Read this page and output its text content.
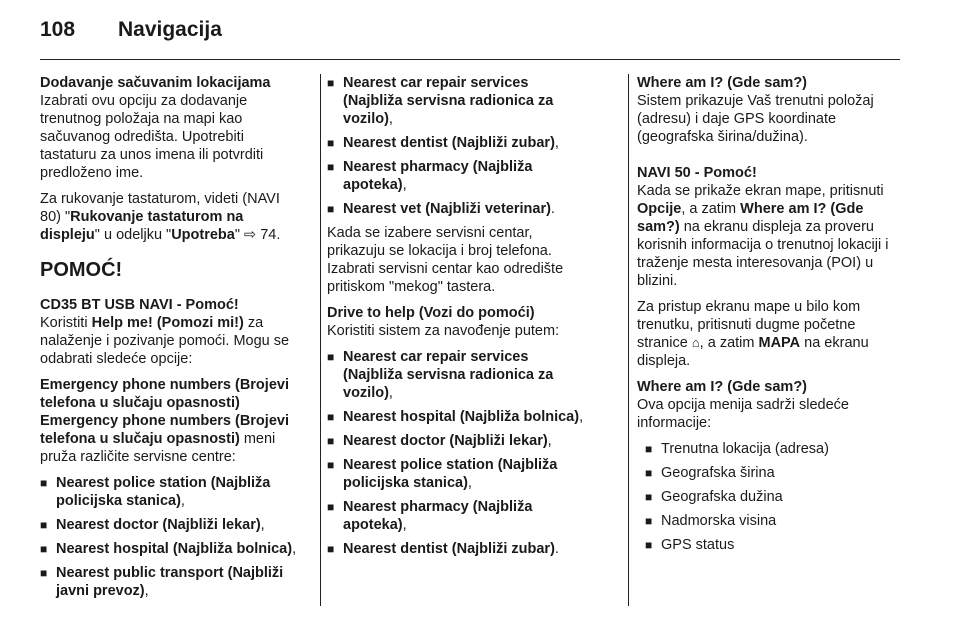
108 Navigacija

Dodavanje sačuvanim lokacijama

Izabrati ovu opciju za dodavanje trenutnog položaja na mapi kao sačuvanog odredišta. Upotrebiti tastaturu za unos imena ili potvrditi predloženo ime.

Za rukovanje tastaturom, videti (NAVI 80) "Rukovanje tastaturom na displeju" u odeljku "Upotreba" ⇨ 74.

POMOĆ!

CD35 BT USB NAVI - Pomoć!

Koristiti Help me! (Pomozi mi!) za nalaženje i pozivanje pomoći. Mogu se odabrati sledeće opcije:

Emergency phone numbers (Brojevi telefona u slučaju opasnosti)

Emergency phone numbers (Brojevi telefona u slučaju opasnosti) meni pruža različite servisne centre:

■ Nearest police station (Najbliža policijska stanica),
■ Nearest doctor (Najbliži lekar),
■ Nearest hospital (Najbliža bolnica),
■ Nearest public transport (Najbliži javni prevoz),
■ Nearest car repair services (Najbliža servisna radionica za vozilo),
■ Nearest dentist (Najbliži zubar),
■ Nearest pharmacy (Najbliža apoteka),
■ Nearest vet (Najbliži veterinar).

Kada se izabere servisni centar, prikazuju se lokacija i broj telefona. Izabrati servisni centar kao odredište pritiskom "mekog" tastera.

Drive to help (Vozi do pomoći)

Koristiti sistem za navođenje putem:

■ Nearest car repair services (Najbliža servisna radionica za vozilo),
■ Nearest hospital (Najbliža bolnica),
■ Nearest doctor (Najbliži lekar),
■ Nearest police station (Najbliža policijska stanica),
■ Nearest pharmacy (Najbliža apoteka),
■ Nearest dentist (Najbliži zubar).

Where am I? (Gde sam?)

Sistem prikazuje Vaš trenutni položaj (adresu) i daje GPS koordinate (geografska širina/dužina).

NAVI 50 - Pomoć!

Kada se prikaže ekran mape, pritisnuti Opcije, a zatim Where am I? (Gde sam?) na ekranu displeja za proveru korisnih informacija o trenutnoj lokaciji i traženje mesta interesovanja (POI) u blizini.

Za pristup ekranu mape u bilo kom trenutku, pritisnuti dugme početne stranice ⌂, a zatim MAPA na ekranu displeja.

Where am I? (Gde sam?)

Ova opcija menija sadrži sledeće informacije:

■ Trenutna lokacija (adresa)
■ Geografska širina
■ Geografska dužina
■ Nadmorska visina
■ GPS status
